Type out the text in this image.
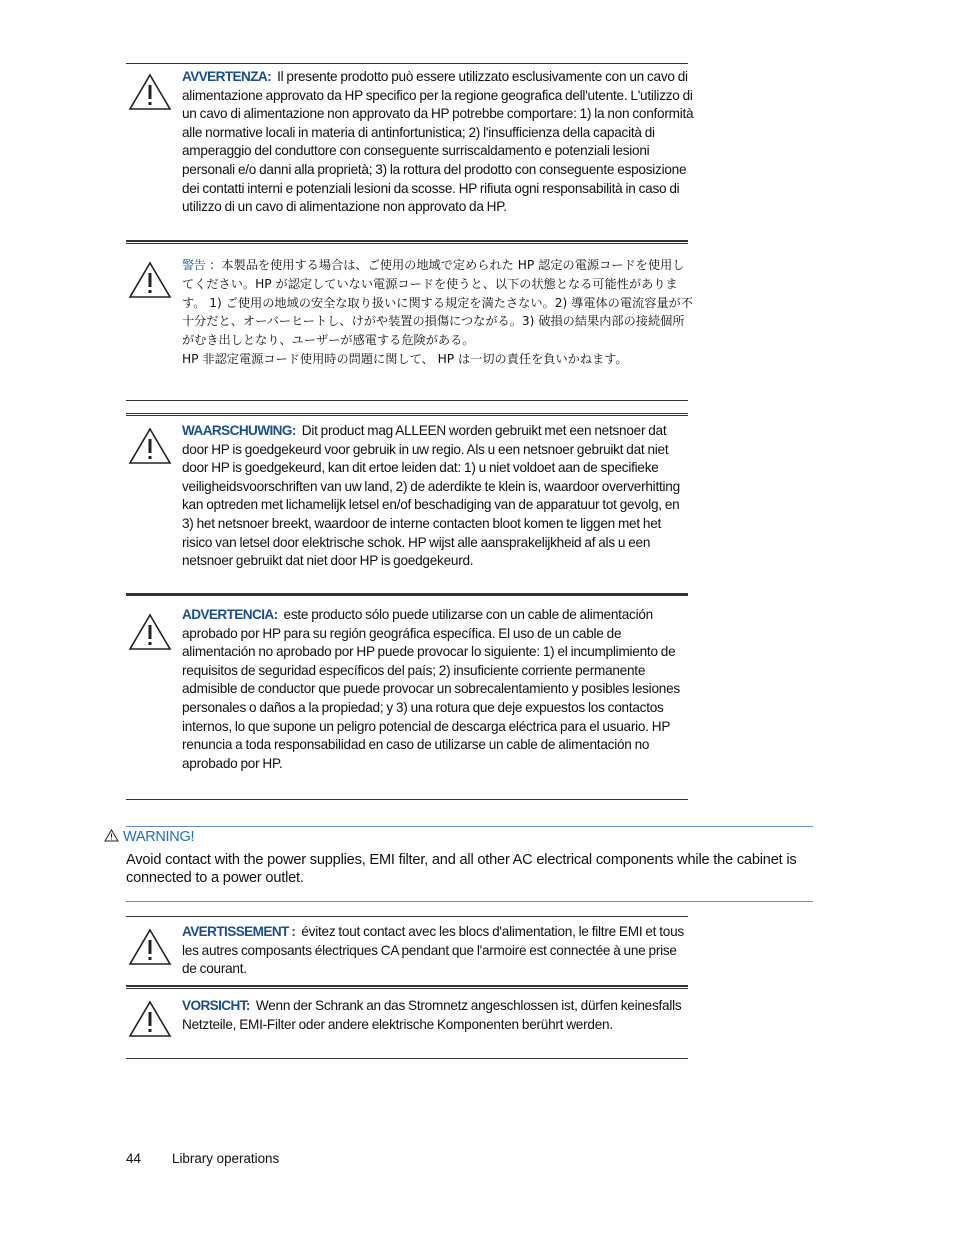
AVVERTENZA: Il presente prodotto può essere utilizzato esclusivamente con un cavo di alimentazione approvato da HP specifico per la regione geografica dell'utente. L'utilizzo di un cavo di alimentazione non approvato da HP potrebbe comportare: 1) la non conformità alle normative locali in materia di antinfortunistica; 2) l'insufficienza della capacità di amperaggio del conduttore con conseguente surriscaldamento e potenziali lesioni personali e/o danni alla proprietà; 3) la rottura del prodotto con conseguente esposizione dei contatti interni e potenziali lesioni da scosse. HP rifiuta ogni responsabilità in caso di utilizzo di un cavo di alimentazione non approvato da HP.
警告 ：本製品を使用する場合は、ご使用の地域で定められた HP 認定の電源コードを使用してください。HP が認定していない電源コードを使うと、以下の状態となる可能性があります。 1) ご使用の地域の安全な取り扱いに関する規定を満たさない。2) 導電体の電流容量が不十分だと、オーバーヒートし、けがや装置の損傷につながる。3) 破損の結果内部の接続個所がむき出しとなり、ユーザーが感電する危険がある。
HP 非認定電源コード使用時の問題に関して、 HP は一切の責任を負いかねます。
WAARSCHUWING: Dit product mag ALLEEN worden gebruikt met een netsnoer dat door HP is goedgekeurd voor gebruik in uw regio. Als u een netsnoer gebruikt dat niet door HP is goedgekeurd, kan dit ertoe leiden dat: 1) u niet voldoet aan de specifieke veiligheidsvoorschriften van uw land, 2) de aderdikte te klein is, waardoor oververhitting kan optreden met lichamelijk letsel en/of beschadiging van de apparatuur tot gevolg, en 3) het netsnoer breekt, waardoor de interne contacten bloot komen te liggen met het risico van letsel door elektrische schok. HP wijst alle aansprakelijkheid af als u een netsnoer gebruikt dat niet door HP is goedgekeurd.
ADVERTENCIA: este producto sólo puede utilizarse con un cable de alimentación aprobado por HP para su región geográfica específica. El uso de un cable de alimentación no aprobado por HP puede provocar lo siguiente: 1) el incumplimiento de requisitos de seguridad específicos del país; 2) insuficiente corriente permanente admisible de conductor que puede provocar un sobrecalentamiento y posibles lesiones personales o daños a la propiedad; y 3) una rotura que deje expuestos los contactos internos, lo que supone un peligro potencial de descarga eléctrica para el usuario. HP renuncia a toda responsabilidad en caso de utilizarse un cable de alimentación no aprobado por HP.
WARNING!
Avoid contact with the power supplies, EMI filter, and all other AC electrical components while the cabinet is connected to a power outlet.
AVERTISSEMENT : évitez tout contact avec les blocs d'alimentation, le filtre EMI et tous les autres composants électriques CA pendant que l'armoire est connectée à une prise de courant.
VORSICHT: Wenn der Schrank an das Stromnetz angeschlossen ist, dürfen keinesfalls Netzteile, EMI-Filter oder andere elektrische Komponenten berührt werden.
44 Library operations
